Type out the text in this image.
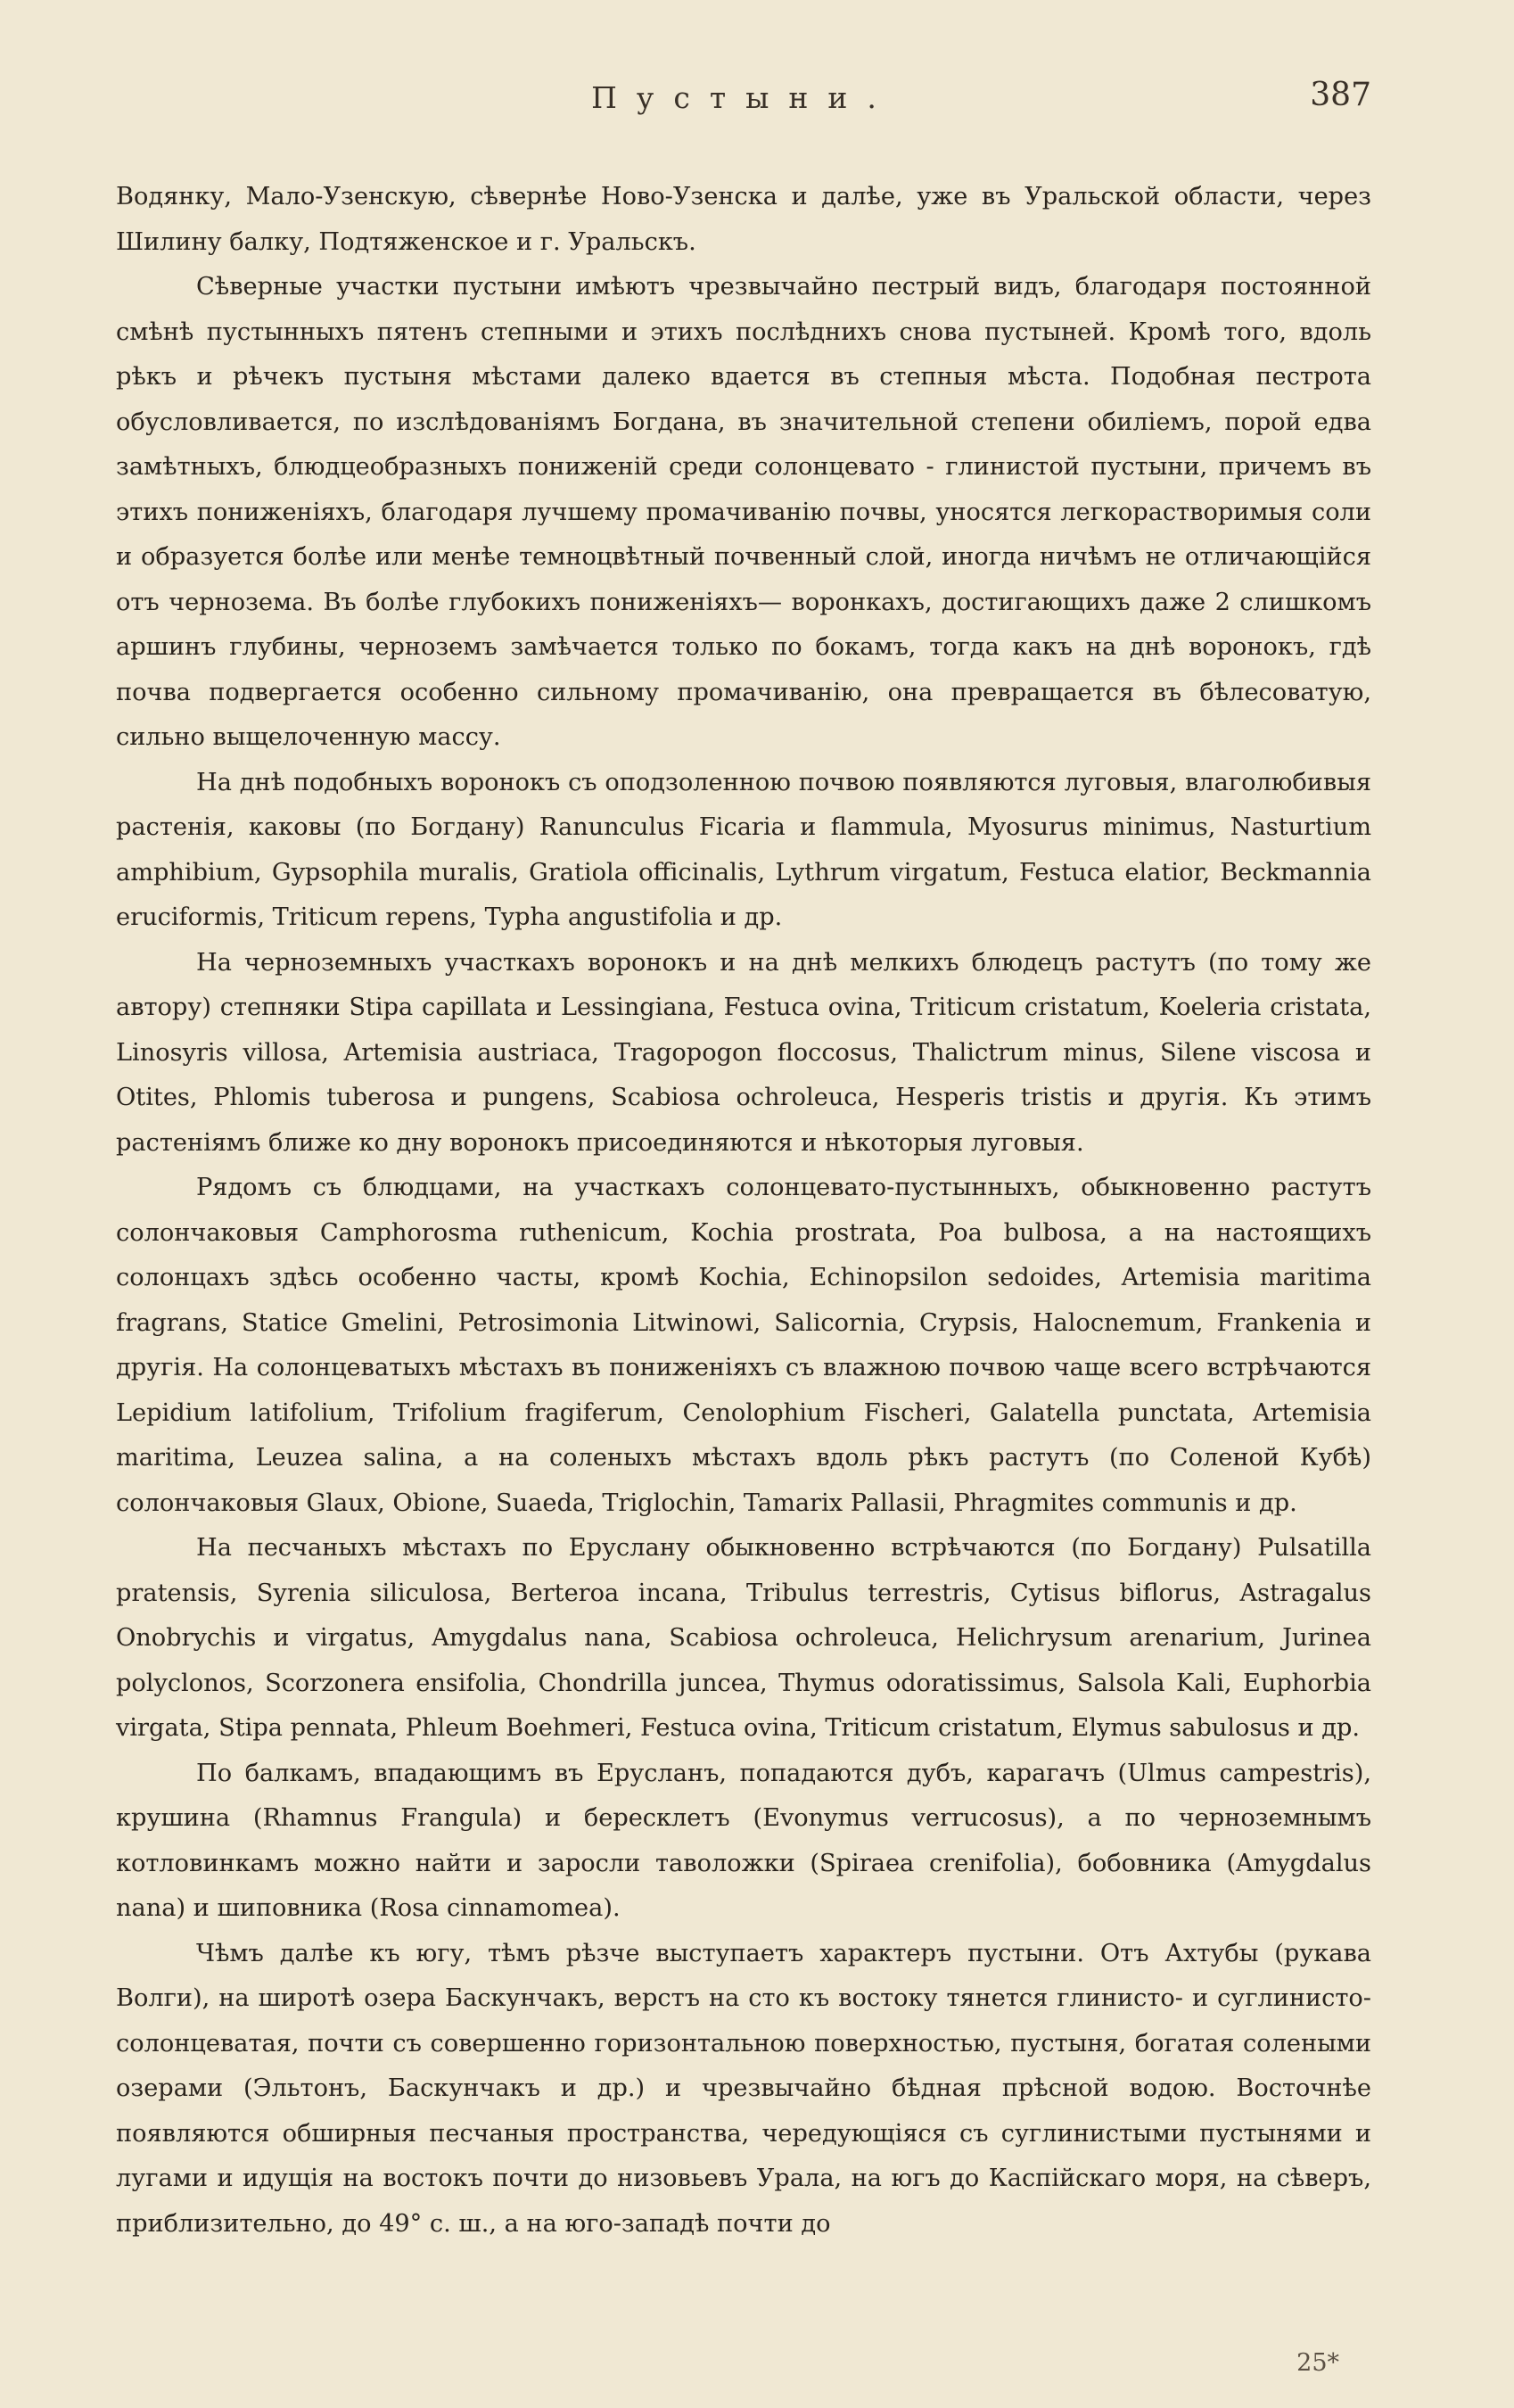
Пустыни.	387

Водянку, Мало-Узенскую, сѣвернѣе Ново-Узенска и далѣе, уже въ Уральской области, через Шилину балку, Подтяженское и г. Уральскъ.

Сѣверные участки пустыни имѣютъ чрезвычайно пестрый видъ, благодаря постоянной смѣнѣ пустынныхъ пятенъ степными и этихъ послѣднихъ снова пустыней. Кромѣ того, вдоль рѣкъ и рѣчекъ пустыня мѣстами далеко вдается въ степныя мѣста. Подобная пестрота обусловливается, по изслѣдованіямъ Богдана, въ значительной степени обиліемъ, порой едва замѣтныхъ, блюдцеобразныхъ пониженій среди солонцевато - глинистой пустыни, причемъ въ этихъ пониженіяхъ, благодаря лучшему промачиванію почвы, уносятся легкорастворимыя соли и образуется болѣе или менѣе темноцвѣтный почвенный слой, иногда ничѣмъ не отличающійся отъ чернозема. Въ болѣе глубокихъ пониженіяхъ— воронкахъ, достигающихъ даже 2 слишкомъ аршинъ глубины, черноземъ замѣчается только по бокамъ, тогда какъ на днѣ воронокъ, гдѣ почва подвергается особенно сильному промачиванію, она превращается въ бѣлесоватую, сильно выщелоченную массу.

На днѣ подобныхъ воронокъ съ оподзоленною почвою появляются луговыя, влаголюбивыя растенія, каковы (по Богдану) Ranunculus Ficaria и flammula, Myosurus minimus, Nasturtium amphibium, Gypsophila muralis, Gratiola officinalis, Lythrum virgatum, Festuca elatior, Beckmannia eruciformis, Triticum repens, Typha angustifolia и др.

На черноземныхъ участкахъ воронокъ и на днѣ мелкихъ блюдецъ растутъ (по тому же автору) степняки Stipa capillata и Lessingiana, Festuca ovina, Triticum cristatum, Koeleria cristata, Linosyris villosa, Artemisia austriaca, Tragopogon floccosus, Thalictrum minus, Silene viscosa и Otites, Phlomis tuberosa и pungens, Scabiosa ochroleuca, Hesperis tristis и другія. Къ этимъ растеніямъ ближе ко дну воронокъ присоединяются и нѣкоторыя луговыя.

Рядомъ съ блюдцами, на участкахъ солонцевато-пустынныхъ, обыкновенно растутъ солончаковыя Camphorosma ruthenicum, Kochia prostrata, Poa bulbosa, а на настоящихъ солонцахъ здѣсь особенно часты, кромѣ Kochia, Echinopsilon sedoides, Artemisia maritima fragrans, Statice Gmelini, Petrosimonia Litwinowi, Salicornia, Crypsis, Halocnemum, Frankenia и другія. На солонцеватыхъ мѣстахъ въ пониженіяхъ съ влажною почвою чаще всего встрѣчаются Lepidium latifolium, Trifolium fragiferum, Cenolophium Fischeri, Galatella punctata, Artemisia maritima, Leuzea salina, а на соленыхъ мѣстахъ вдоль рѣкъ растутъ (по Соленой Кубѣ) солончаковыя Glaux, Obione, Suaeda, Triglochin, Tamarix Pallasii, Phragmites communis и др.

На песчаныхъ мѣстахъ по Еруслану обыкновенно встрѣчаются (по Богдану) Pulsatilla pratensis, Syrenia siliculosa, Berteroa incana, Tribulus terrestris, Cytisus biflorus, Astragalus Onobrychis и virgatus, Amygdalus nana, Scabiosa ochroleuca, Helichrysum arenarium, Jurinea polyclonos, Scorzonera ensifolia, Chondrilla juncea, Thymus odoratissimus, Salsola Kali, Euphorbia virgata, Stipa pennata, Phleum Boehmeri, Festuca ovina, Triticum cristatum, Elymus sabulosus и др.

По балкамъ, впадающимъ въ Еруcланъ, попадаются дубъ, карагачъ (Ulmus campestris), крушина (Rhamnus Frangula) и бересклетъ (Evonymus verrucosus), а по черноземнымъ котловинкамъ можно найти и заросли таволожки (Spiraea crenifolia), бобовника (Amygdalus nana) и шиповника (Rosa cinnamomea).

Чѣмъ далѣе къ югу, тѣмъ рѣзче выступаетъ характеръ пустыни. Отъ Ахтубы (рукава Волги), на широтѣ озера Баскунчакъ, верстъ на сто къ востоку тянется глинисто- и суглинисто-солонцеватая, почти съ совершенно горизонтальною поверхностью, пустыня, богатая солеными озерами (Эльтонъ, Баскунчакъ и др.) и чрезвычайно бѣдная прѣсной водою. Восточнѣе появляются обширныя песчаныя пространства, чередующіяся съ суглинистыми пустынями и лугами и идущія на востокъ почти до низовьевъ Урала, на югъ до Каспійскаго моря, на сѣверъ, приблизительно, до 49° с. ш., а на юго-западѣ почти до

25*
